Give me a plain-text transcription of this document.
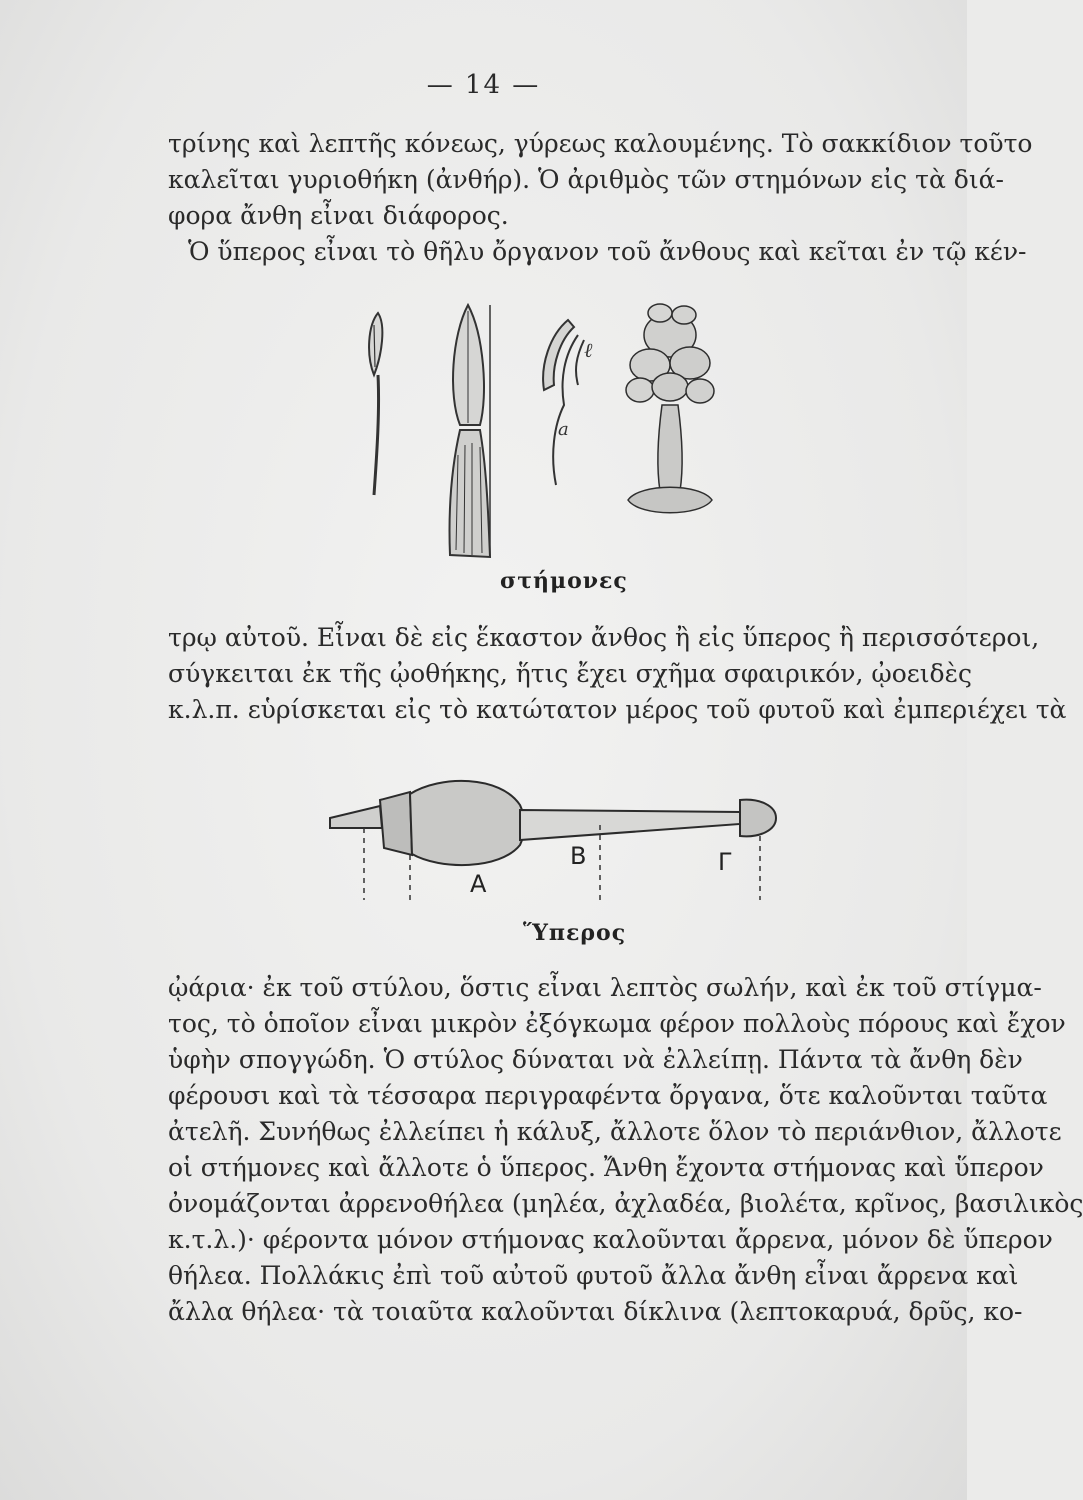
— 14 —
τρίνης καὶ λεπτῆς κόνεως, γύρεως καλουμένης. Τὸ σακκίδιον τοῦτο
καλεῖται γυριοθήκη (ἀνθήρ). Ὁ ἀριθμὸς τῶν στημόνων εἰς τὰ διά-
φορα ἄνθη εἶναι διάφορος.
Ὁ ὕπερος εἶναι τὸ θῆλυ ὄργανον τοῦ ἄνθους καὶ κεῖται ἐν τῷ κέν-
ℓ
a
στήμονες
τρῳ αὐτοῦ. Εἶναι δὲ εἰς ἕκαστον ἄνθος ἢ εἰς ὕπερος ἢ περισσότεροι,
σύγκειται ἐκ τῆς ᾠοθήκης, ἥτις ἔχει σχῆμα σφαιρικόν, ᾠοειδὲς
κ.λ.π. εὑρίσκεται εἰς τὸ κατώτατον μέρος τοῦ φυτοῦ καὶ ἐμπεριέχει τὰ
Α
Β	Γ
Ὕπερος
ᾠάρια· ἐκ τοῦ στύλου, ὅστις εἶναι λεπτὸς σωλήν, καὶ ἐκ τοῦ στίγμα-
τος, τὸ ὁποῖον εἶναι μικρὸν ἐξόγκωμα φέρον πολλοὺς πόρους καὶ ἔχον
ὑφὴν σπογγώδη. Ὁ στύλος δύναται νὰ ἐλλείπῃ. Πάντα τὰ ἄνθη δὲν
φέρουσι καὶ τὰ τέσσαρα περιγραφέντα ὄργανα, ὅτε καλοῦνται ταῦτα
ἀτελῆ. Συνήθως ἐλλείπει ἡ κάλυξ, ἄλλοτε ὅλον τὸ περιάνθιον, ἄλλοτε
οἱ στήμονες καὶ ἄλλοτε ὁ ὕπερος. Ἄνθη ἔχοντα στήμονας καὶ ὕπερον
ὀνομάζονται ἀρρενοθήλεα (μηλέα, ἀχλαδέα, βιολέτα, κρῖνος, βασιλικὸς
κ.τ.λ.)· φέροντα μόνον στήμονας καλοῦνται ἄρρενα, μόνον δὲ ὕπερον
θήλεα. Πολλάκις ἐπὶ τοῦ αὐτοῦ φυτοῦ ἄλλα ἄνθη εἶναι ἄρρενα καὶ
ἄλλα θήλεα· τὰ τοιαῦτα καλοῦνται δίκλινα (λεπτοκαρυά, δρῦς, κο-
